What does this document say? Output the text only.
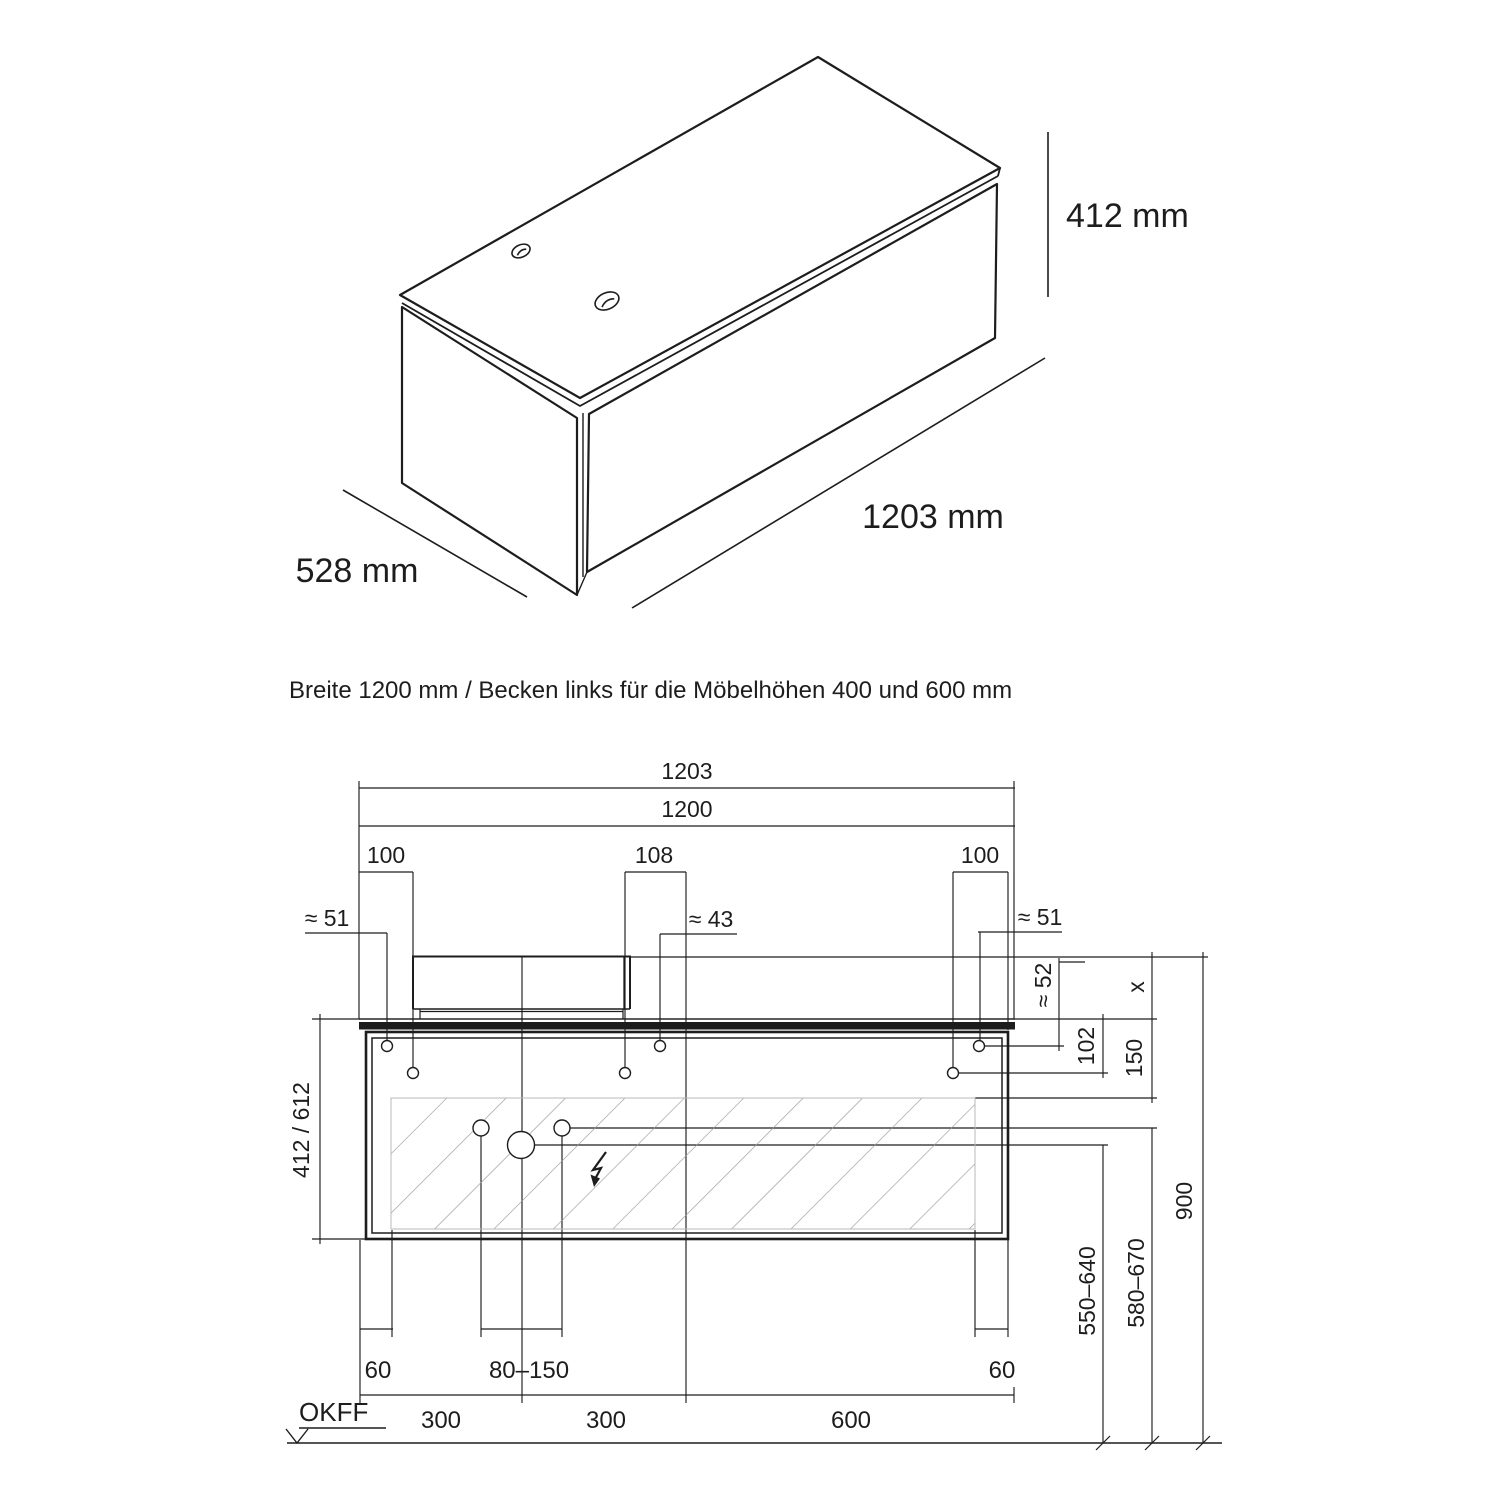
412 mm
1203 mm
528 mm
Breite 1200 mm / Becken links für die Möbelhöhen 400 und 600 mm
1203
1200
100	108	100
≈ 51	≈ 43	≈ 51
≈ 52	x
102 150
412 / 612
550–640 580–670
900
60	80–150	60
300	300	600
OKFF
